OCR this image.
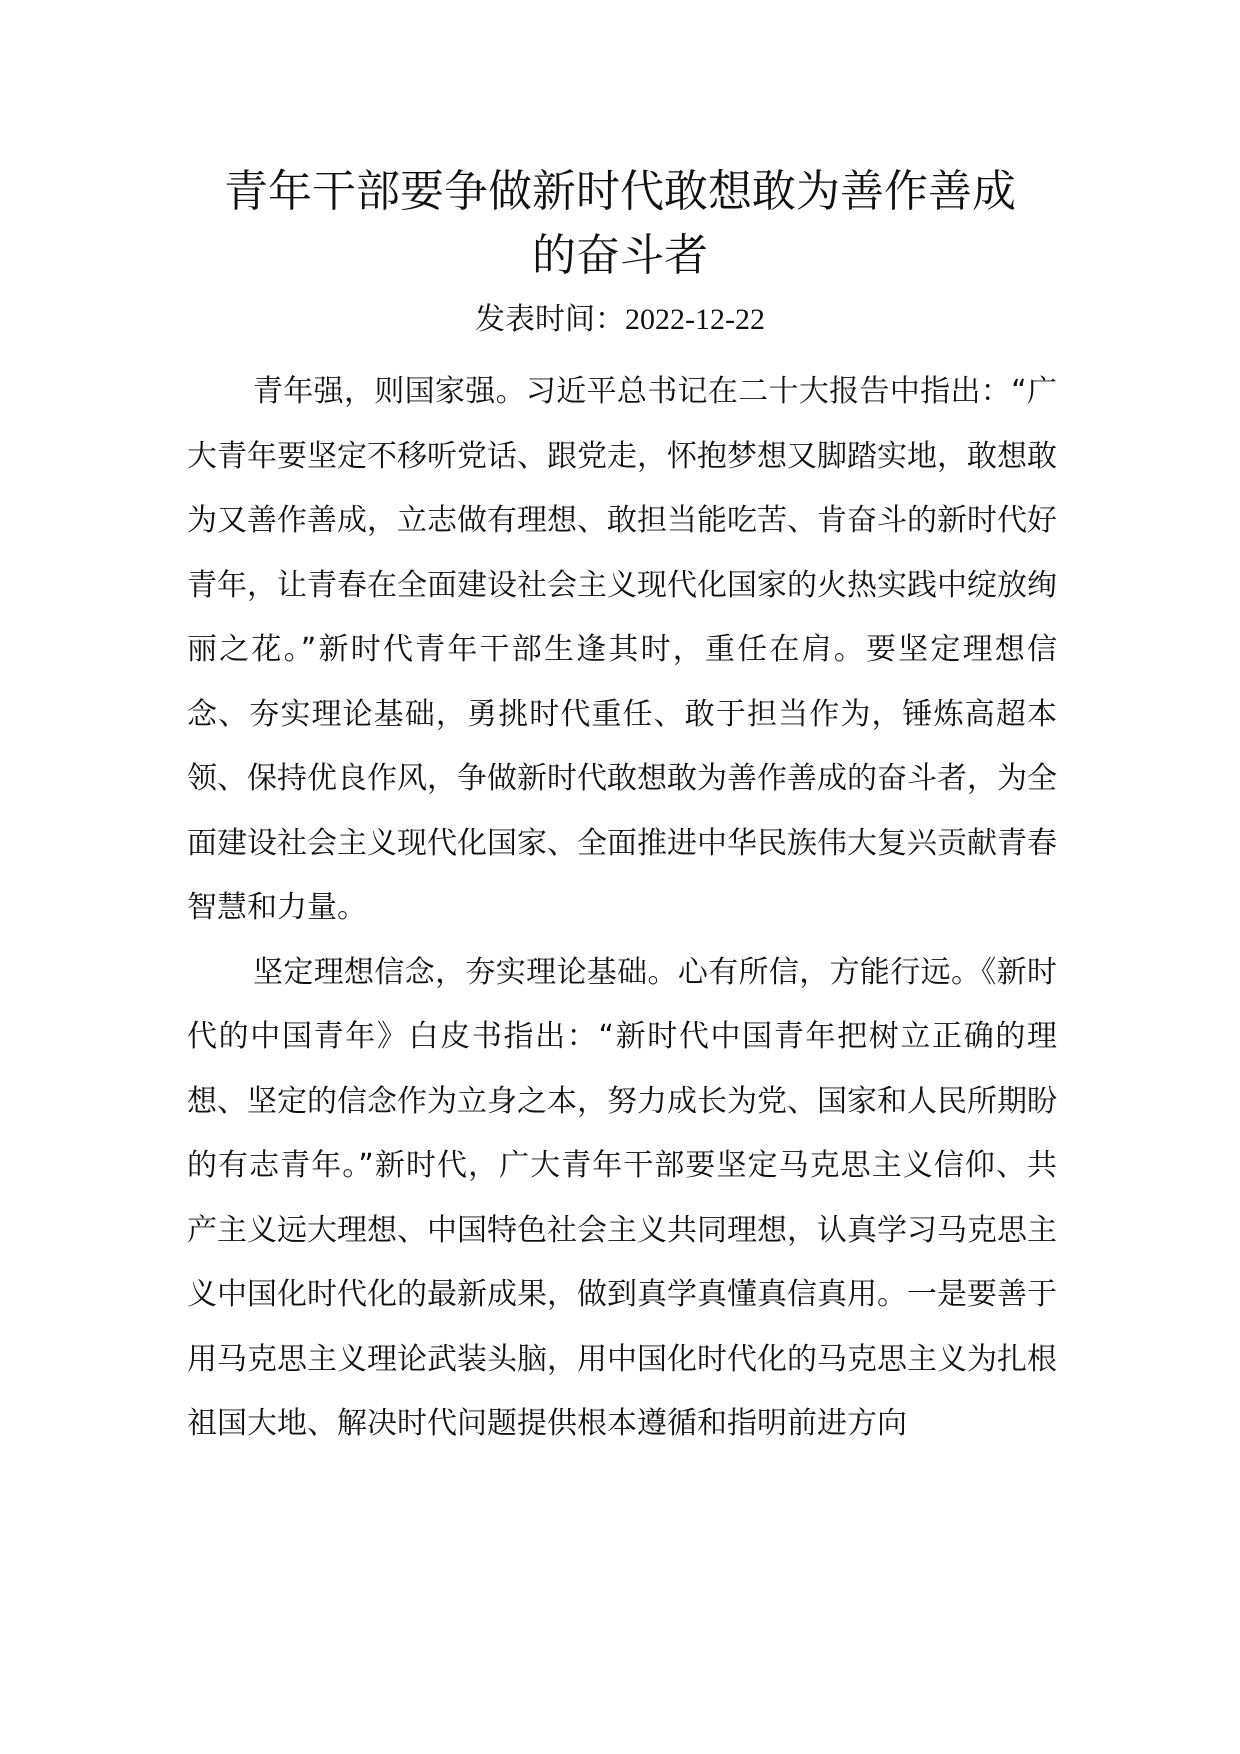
青年干部要争做新时代敢想敢为善作善成
的奋斗者
发表时间：2022-12-22

青年强，则国家强。习近平总书记在二十大报告中指出：“广大青年要坚定不移听党话、跟党走，怀抱梦想又脚踏实地，敢想敢为又善作善成，立志做有理想、敢担当能吃苦、肯奋斗的新时代好青年，让青春在全面建设社会主义现代化国家的火热实践中绽放绚丽之花。”新时代青年干部生逢其时，重任在肩。要坚定理想信念、夯实理论基础，勇挑时代重任、敢于担当作为，锤炼高超本领、保持优良作风，争做新时代敢想敢为善作善成的奋斗者，为全面建设社会主义现代化国家、全面推进中华民族伟大复兴贡献青春智慧和力量。

坚定理想信念，夯实理论基础。心有所信，方能行远。《新时代的中国青年》白皮书指出：“新时代中国青年把树立正确的理想、坚定的信念作为立身之本，努力成长为党、国家和人民所期盼的有志青年。”新时代，广大青年干部要坚定马克思主义信仰、共产主义远大理想、中国特色社会主义共同理想，认真学习马克思主义中国化时代化的最新成果，做到真学真懂真信真用。一是要善于用马克思主义理论武装头脑，用中国化时代化的马克思主义为扎根祖国大地、解决时代问题提供根本遵循和指明前进方向
